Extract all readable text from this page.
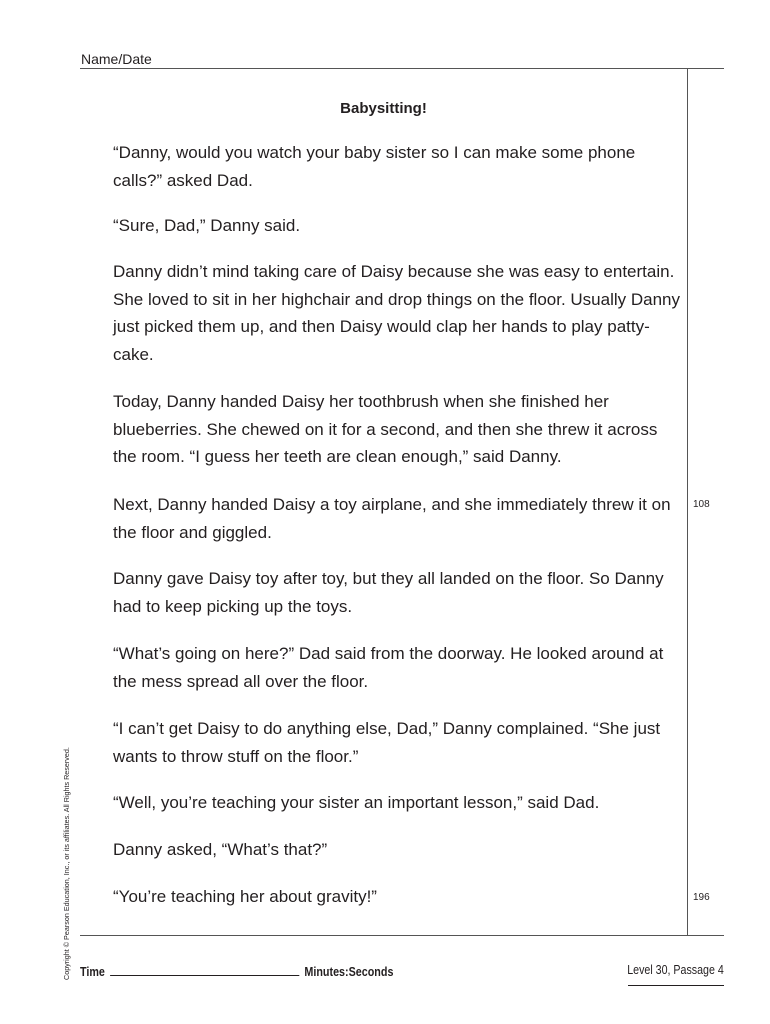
Name/Date
Babysitting!

“Danny, would you watch your baby sister so I can make some phone calls?” asked Dad.

“Sure, Dad,” Danny said.

Danny didn’t mind taking care of Daisy because she was easy to entertain. She loved to sit in her highchair and drop things on the floor. Usually Danny just picked them up, and then Daisy would clap her hands to play patty-cake.

Today, Danny handed Daisy her toothbrush when she finished her blueberries. She chewed on it for a second, and then she threw it across the room. “I guess her teeth are clean enough,” said Danny.

Next, Danny handed Daisy a toy airplane, and she immediately threw it on the floor and giggled.

Danny gave Daisy toy after toy, but they all landed on the floor. So Danny had to keep picking up the toys.

“What’s going on here?” Dad said from the doorway. He looked around at the mess spread all over the floor.

“I can’t get Daisy to do anything else, Dad,” Danny complained. “She just wants to throw stuff on the floor.”

“Well, you’re teaching your sister an important lesson,” said Dad.

Danny asked, “What’s that?”

“You’re teaching her about gravity!”

108
196
Copyright © Pearson Education, Inc., or its affiliates. All Rights Reserved. Time	Minutes:Seconds	Level 30, Passage 4
